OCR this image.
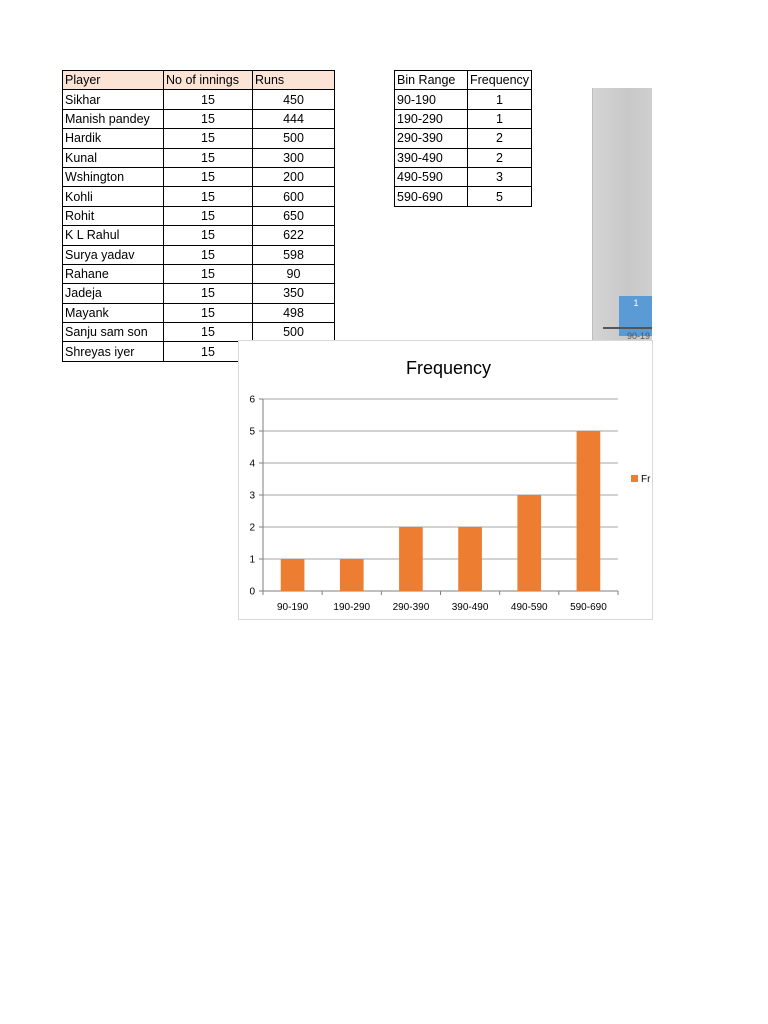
Player	No of innings	Runs
Sikhar	15	450
Manish pandey	15	444
Hardik	15	500
Kunal	15	300
Wshington	15	200
Kohli	15	600
Rohit	15	650
K L Rahul	15	622
Surya yadav	15	598
Rahane	15	90
Jadeja	15	350
Mayank	15	498
Sanju sam son	15	500
Shreyas iyer	15	
Bin Range	Frequency
90-190	1
190-290	1
290-390	2
390-490	2
490-590	3
590-690	5
1
90-19
Frequency
0
1
2
3
4
5
6
90-190	190-290 290-390 390-490 490-590 590-690
Fr
